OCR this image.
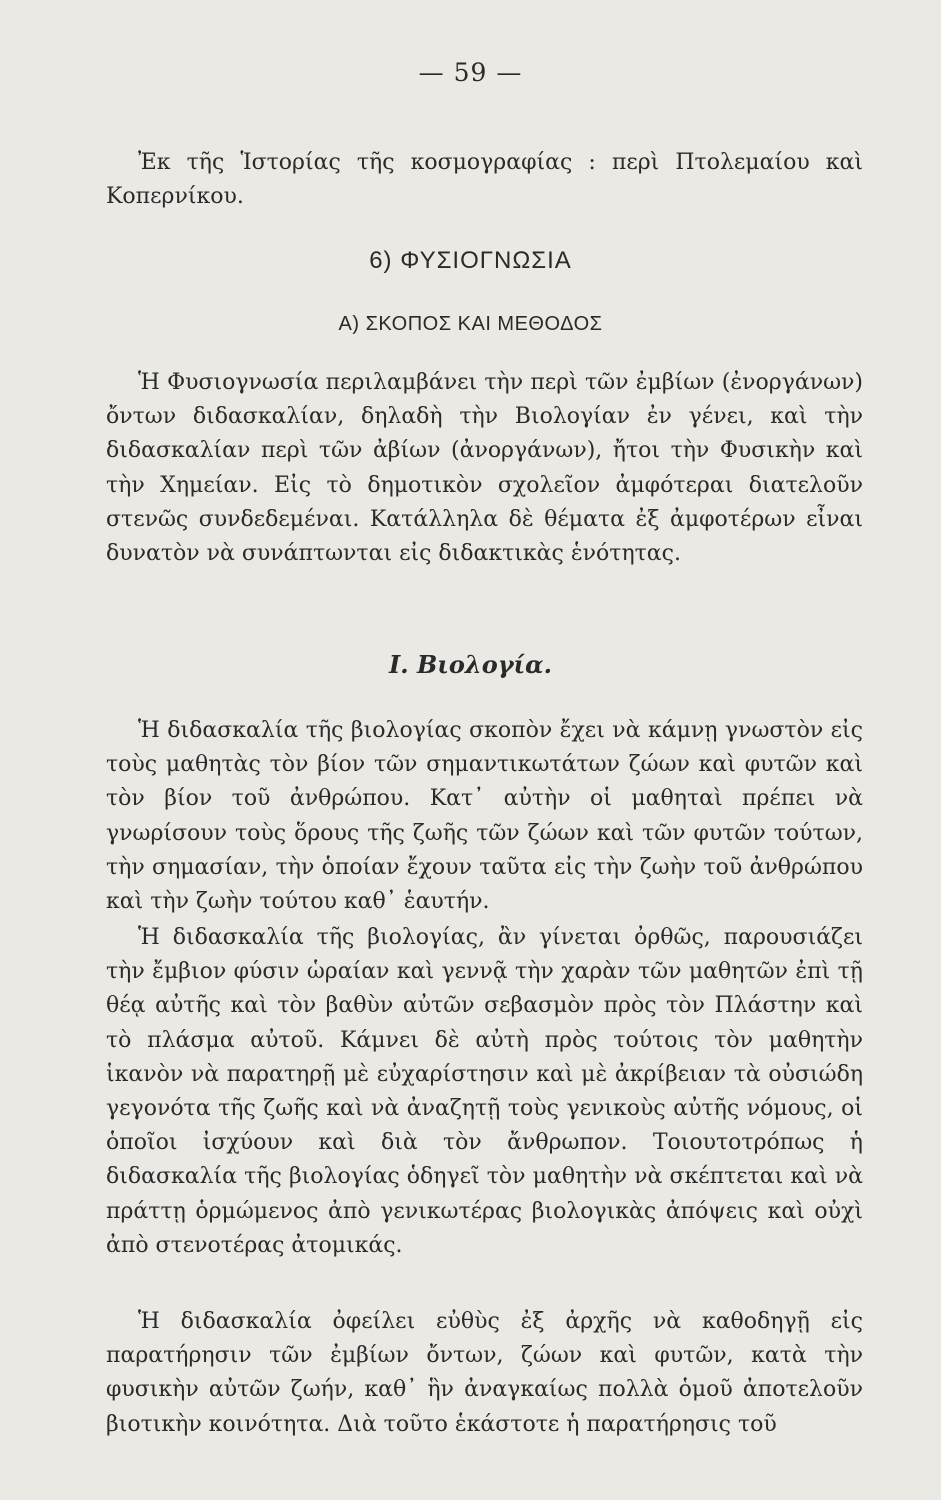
— 59 —

Ἐκ τῆς Ἱστορίας τῆς κοσμογραφίας : περὶ Πτολεμαίου καὶ Κοπερνίκου.

6) ΦΥΣΙΟΓΝΩΣΙΑ
Α) ΣΚΟΠΟΣ ΚΑΙ ΜΕΘΟΔΟΣ

Ἡ Φυσιογνωσία περιλαμβάνει τὴν περὶ τῶν ἐμβίων (ἐνοργάνων) ὄντων διδασκαλίαν, δηλαδὴ τὴν Βιολογίαν ἐν γένει, καὶ τὴν διδασκαλίαν περὶ τῶν ἀβίων (ἀνοργάνων), ἤτοι τὴν Φυσικὴν καὶ τὴν Χημείαν. Εἰς τὸ δημοτικὸν σχολεῖον ἀμφότεραι διατελοῦν στενῶς συνδεδεμέναι. Κατάλληλα δὲ θέματα ἐξ ἀμφοτέρων εἶναι δυνατὸν νὰ συνάπτωνται εἰς διδακτικὰς ἑνότητας.

Ι. Βιολογία.

Ἡ διδασκαλία τῆς βιολογίας σκοπὸν ἔχει νὰ κάμνῃ γνωστὸν εἰς τοὺς μαθητὰς τὸν βίον τῶν σημαντικωτάτων ζώων καὶ φυτῶν καὶ τὸν βίον τοῦ ἀνθρώπου. Κατ᾽ αὐτὴν οἱ μαθηταὶ πρέπει νὰ γνωρίσουν τοὺς ὅρους τῆς ζωῆς τῶν ζώων καὶ τῶν φυτῶν τούτων, τὴν σημασίαν, τὴν ὁποίαν ἔχουν ταῦτα εἰς τὴν ζωὴν τοῦ ἀνθρώπου καὶ τὴν ζωὴν τούτου καθ᾽ ἑαυτήν.

Ἡ διδασκαλία τῆς βιολογίας, ἂν γίνεται ὀρθῶς, παρουσιάζει τὴν ἔμβιον φύσιν ὡραίαν καὶ γεννᾷ τὴν χαρὰν τῶν μαθητῶν ἐπὶ τῇ θέᾳ αὐτῆς καὶ τὸν βαθὺν αὐτῶν σεβασμὸν πρὸς τὸν Πλάστην καὶ τὸ πλάσμα αὐτοῦ. Κάμνει δὲ αὐτὴ πρὸς τούτοις τὸν μαθητὴν ἱκανὸν νὰ παρατηρῇ μὲ εὐχαρίστησιν καὶ μὲ ἀκρίβειαν τὰ οὐσιώδη γεγονότα τῆς ζωῆς καὶ νὰ ἀναζητῇ τοὺς γενικοὺς αὐτῆς νόμους, οἱ ὁποῖοι ἰσχύουν καὶ διὰ τὸν ἄνθρωπον. Τοιουτοτρόπως ἡ διδασκαλία τῆς βιολογίας ὁδηγεῖ τὸν μαθητὴν νὰ σκέπτεται καὶ νὰ πράττῃ ὁρμώμενος ἀπὸ γενικωτέρας βιολογικὰς ἀπόψεις καὶ οὐχὶ ἀπὸ στενοτέρας ἀτομικάς.

Ἡ διδασκαλία ὀφείλει εὐθὺς ἐξ ἀρχῆς νὰ καθοδηγῇ εἰς παρατήρησιν τῶν ἐμβίων ὄντων, ζώων καὶ φυτῶν, κατὰ τὴν φυσικὴν αὐτῶν ζωήν, καθ᾽ ἣν ἀναγκαίως πολλὰ ὁμοῦ ἀποτελοῦν βιοτικὴν κοινότητα. Διὰ τοῦτο ἑκάστοτε ἡ παρατήρησις τοῦ
